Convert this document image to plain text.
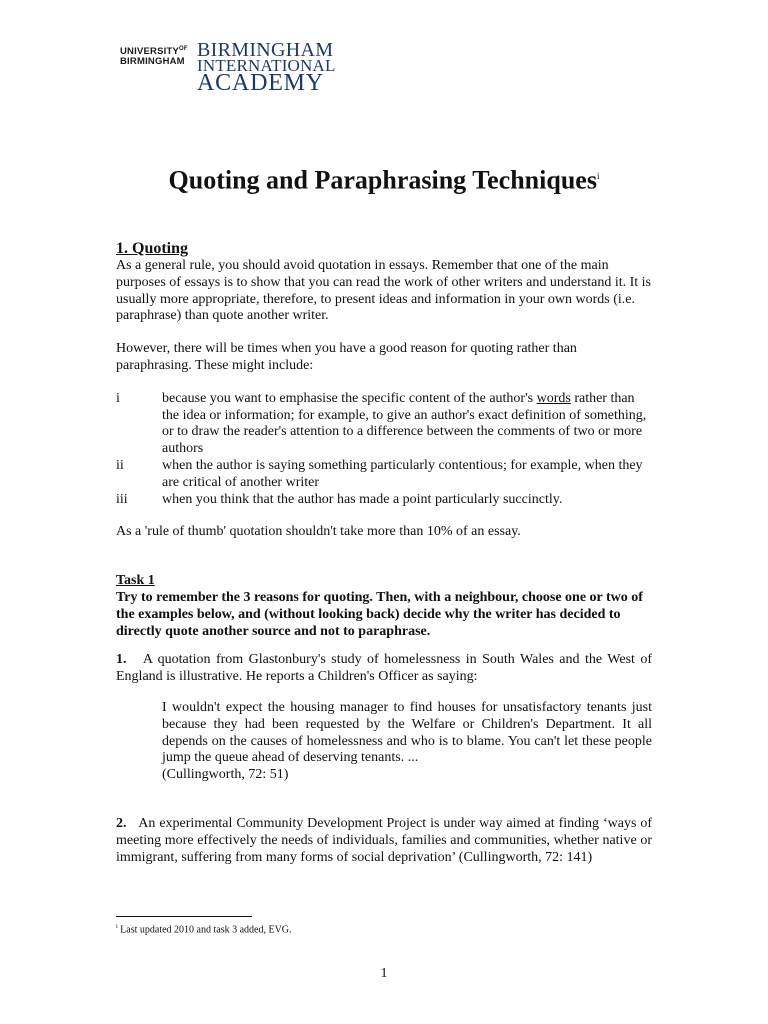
$UNIVERSITY^{OF}$
BIRMINGHAM
BIRMINGHAM
INTERNATIONAL
ACADEMY
Quoting and Paraphrasing Techniques$^i$

1. Quoting

As a general rule, you should avoid quotation in essays. Remember that one of the main purposes of essays is to show that you can read the work of other writers and understand it. It is usually more appropriate, therefore, to present ideas and information in your own words (i.e. paraphrase) than quote another writer.

However, there will be times when you have a good reason for quoting rather than paraphrasing. These might include:

i	because you want to emphasise the specific content of the author's words rather than the idea or information; for example, to give an author's exact definition of something, or to draw the reader's attention to a difference between the comments of two or more authors
ii	when the author is saying something particularly contentious; for example, when they are critical of another writer
iii	when you think that the author has made a point particularly succinctly.

As a 'rule of thumb' quotation shouldn't take more than 10% of an essay.

Task 1

Try to remember the 3 reasons for quoting. Then, with a neighbour, choose one or two of the examples below, and (without looking back) decide why the writer has decided to directly quote another source and not to paraphrase.

1. A quotation from Glastonbury's study of homelessness in South Wales and the West of England is illustrative. He reports a Children's Officer as saying:

I wouldn't expect the housing manager to find houses for unsatisfactory tenants just because they had been requested by the Welfare or Children's Department. It all depends on the causes of homelessness and who is to blame. You can't let these people jump the queue ahead of deserving tenants. ...

(Cullingworth, 72: 51)

2. An experimental Community Development Project is under way aimed at finding ‘ways of meeting more effectively the needs of individuals, families and communities, whether native or immigrant, suffering from many forms of social deprivation’ (Cullingworth, 72: 141)

$^i$ Last updated 2010 and task 3 added, EVG.
1
